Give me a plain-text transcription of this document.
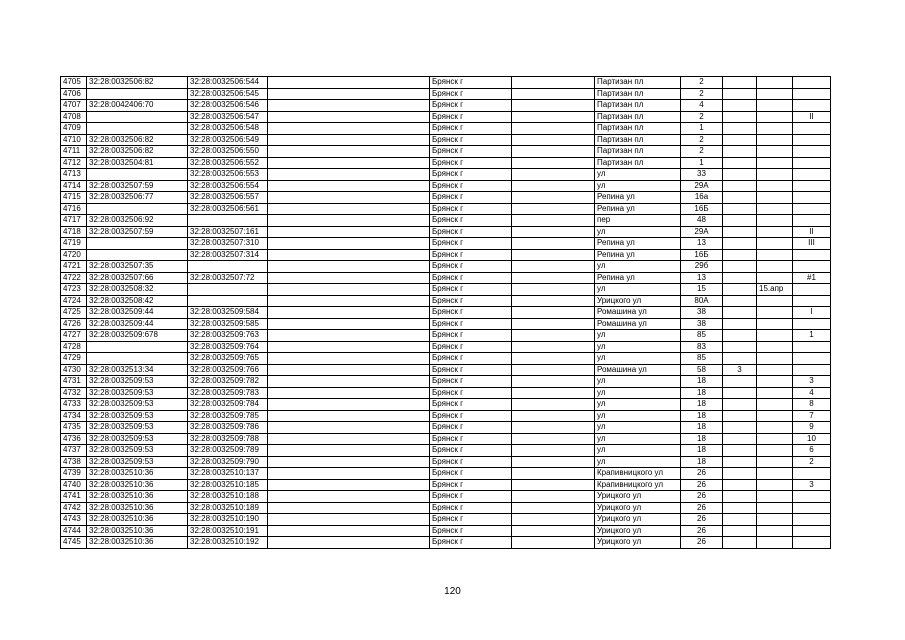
4705	32:28:0032506:82	32:28:0032506:544		Брянск г		Партизан пл	2			
4706		32:28:0032506:545		Брянск г		Партизан пл	2			
4707	32:28:0042406:70	32:28:0032506:546		Брянск г		Партизан пл	4			
4708		32:28:0032506:547		Брянск г		Партизан пл	2			II
4709		32:28:0032506:548		Брянск г		Партизан пл	1			
4710	32:28:0032506:82	32:28:0032506:549		Брянск г		Партизан пл	2			
4711	32:28:0032506:82	32:28:0032506:550		Брянск г		Партизан пл	2			
4712	32:28:0032504:81	32:28:0032506:552		Брянск г		Партизан пл	1			
4713		32:28:0032506:553		Брянск г		ул	33			
4714	32:28:0032507:59	32:28:0032506:554		Брянск г		ул	29А			
4715	32:28:0032506:77	32:28:0032506:557		Брянск г		Репина ул	16а			
4716		32:28:0032506:561		Брянск г		Репина ул	16Б			
4717	32:28:0032506:92			Брянск г		пер	48			
4718	32:28:0032507:59	32:28:0032507:161		Брянск г		ул	29А			II
4719		32:28:0032507:310		Брянск г		Репина ул	13			III
4720		32:28:0032507:314		Брянск г		Репина ул	16Б			
4721	32:28:0032507:35			Брянск г		ул	29б			
4722	32:28:0032507:66	32:28:0032507:72		Брянск г		Репина ул	13			#1
4723	32:28:0032508:32			Брянск г		ул	15		15.апр	
4724	32:28:0032508:42			Брянск г		Урицкого ул	80А			
4725	32:28:0032509:44	32:28:0032509:584		Брянск г		Ромашина ул	38			I
4726	32:28:0032509:44	32:28:0032509:585		Брянск г		Ромашина ул	38			
4727	32:28:0032509:678	32:28:0032509:763		Брянск г		ул	85			1
4728		32:28:0032509:764		Брянск г		ул	83			
4729		32:28:0032509:765		Брянск г		ул	85			
4730	32:28:0032513:34	32:28:0032509:766		Брянск г		Ромашина ул	58	3		
4731	32:28:0032509:53	32:28:0032509:782		Брянск г		ул	18			3
4732	32:28:0032509:53	32:28:0032509:783		Брянск г		ул	18			4
4733	32:28:0032509:53	32:28:0032509:784		Брянск г		ул	18			8
4734	32:28:0032509:53	32:28:0032509:785		Брянск г		ул	18			7
4735	32:28:0032509:53	32:28:0032509:786		Брянск г		ул	18			9
4736	32:28:0032509:53	32:28:0032509:788		Брянск г		ул	18			10
4737	32:28:0032509:53	32:28:0032509:789		Брянск г		ул	18			6
4738	32:28:0032509:53	32:28:0032509:790		Брянск г		ул	18			2
4739	32:28:0032510:36	32:28:0032510:137		Брянск г		Крапивницкого ул	26			
4740	32:28:0032510:36	32:28:0032510:185		Брянск г		Крапивницкого ул	26			3
4741	32:28:0032510:36	32:28:0032510:188		Брянск г		Урицкого ул	26			
4742	32:28:0032510:36	32:28:0032510:189		Брянск г		Урицкого ул	26			
4743	32:28:0032510:36	32:28:0032510:190		Брянск г		Урицкого ул	26			
4744	32:28:0032510:36	32:28:0032510:191		Брянск г		Урицкого ул	26			
4745	32:28:0032510:36	32:28:0032510:192		Брянск г		Урицкого ул	26			
120
